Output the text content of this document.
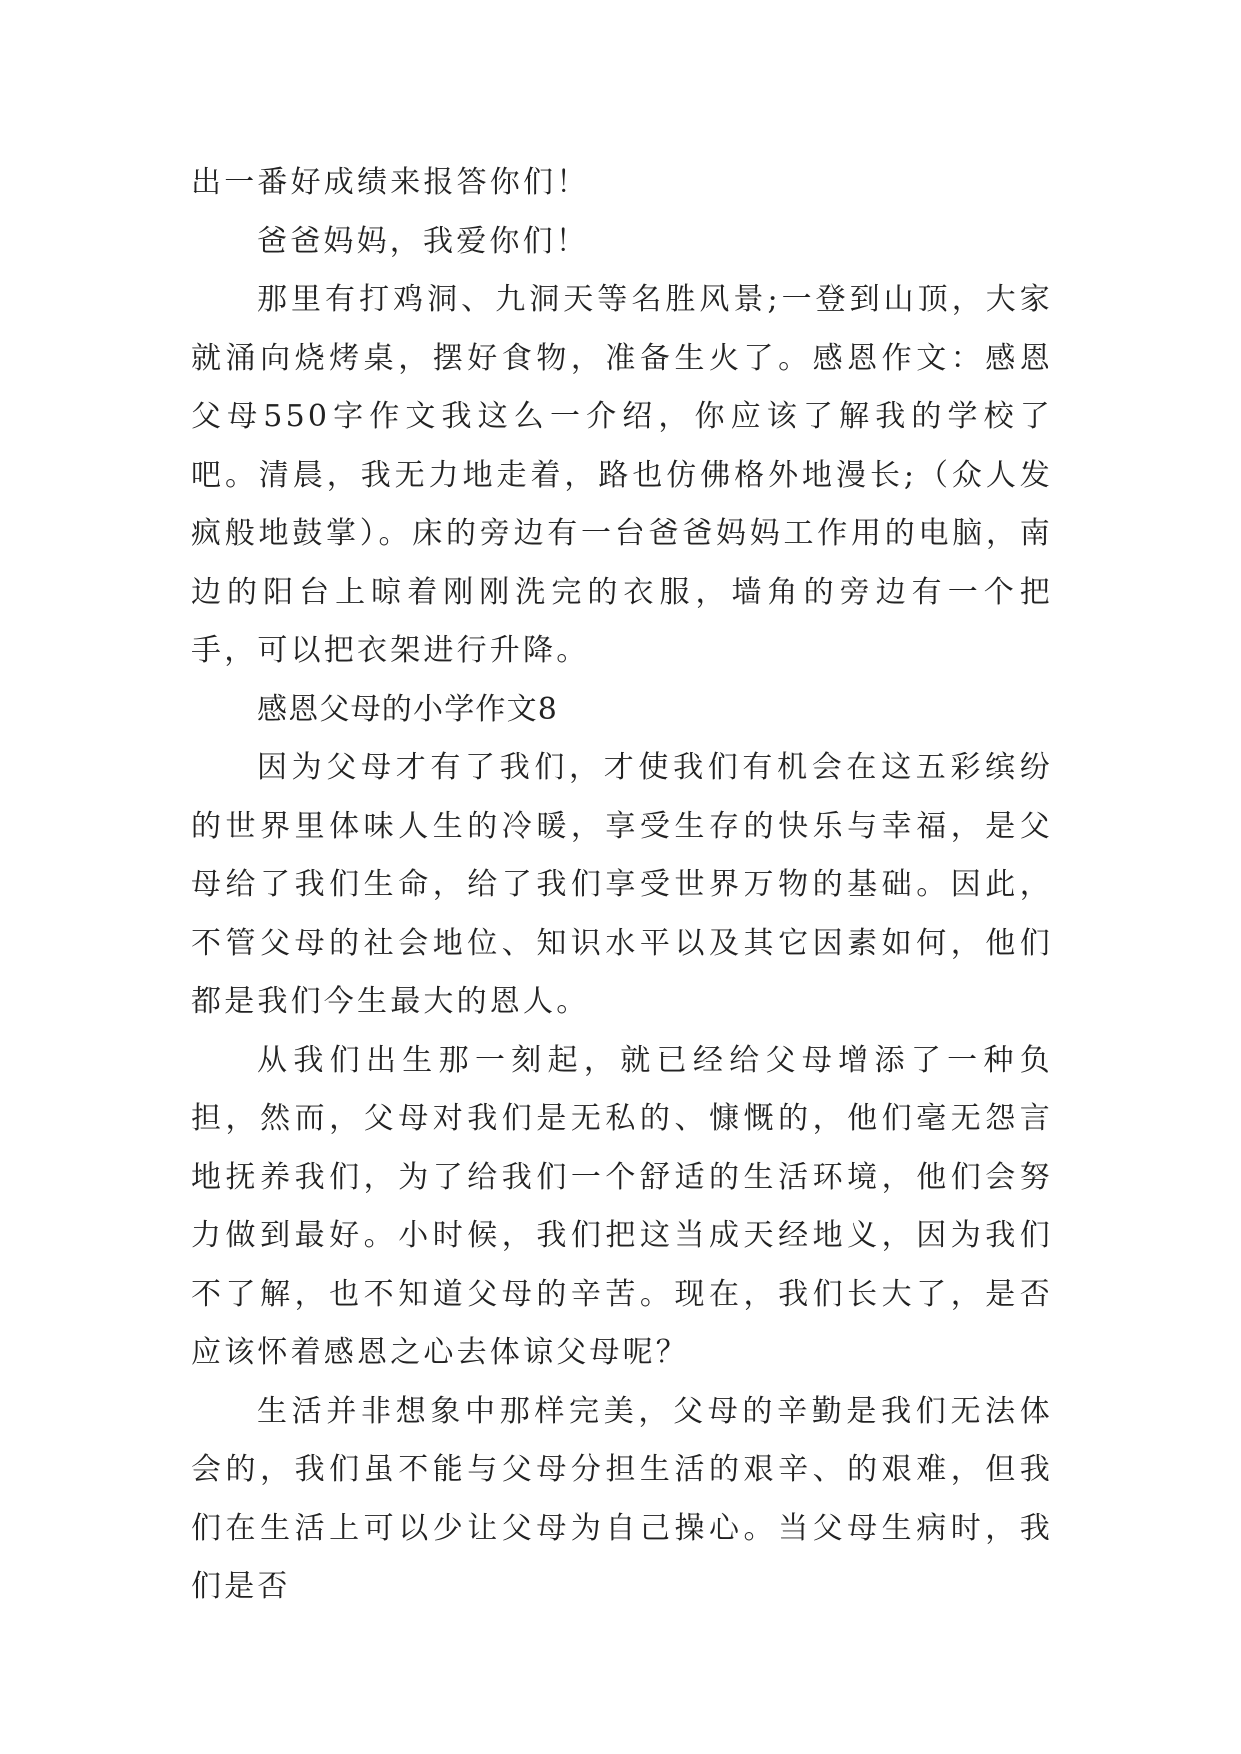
出一番好成绩来报答你们！

爸爸妈妈，我爱你们！

那里有打鸡洞、九洞天等名胜风景;一登到山顶，大家就涌向烧烤桌，摆好食物，准备生火了。感恩作文：感恩父母550字作文我这么一介绍，你应该了解我的学校了吧。清晨，我无力地走着，路也仿佛格外地漫长;（众人发疯般地鼓掌）。床的旁边有一台爸爸妈妈工作用的电脑，南边的阳台上晾着刚刚洗完的衣服，墙角的旁边有一个把手，可以把衣架进行升降。

感恩父母的小学作文8

因为父母才有了我们，才使我们有机会在这五彩缤纷的世界里体味人生的冷暖，享受生存的快乐与幸福，是父母给了我们生命，给了我们享受世界万物的基础。因此，不管父母的社会地位、知识水平以及其它因素如何，他们都是我们今生最大的恩人。

从我们出生那一刻起，就已经给父母增添了一种负担，然而，父母对我们是无私的、慷慨的，他们毫无怨言地抚养我们，为了给我们一个舒适的生活环境，他们会努力做到最好。小时候，我们把这当成天经地义，因为我们不了解，也不知道父母的辛苦。现在，我们长大了，是否应该怀着感恩之心去体谅父母呢？

生活并非想象中那样完美，父母的辛勤是我们无法体会的，我们虽不能与父母分担生活的艰辛、的艰难，但我们在生活上可以少让父母为自己操心。当父母生病时，我们是否
